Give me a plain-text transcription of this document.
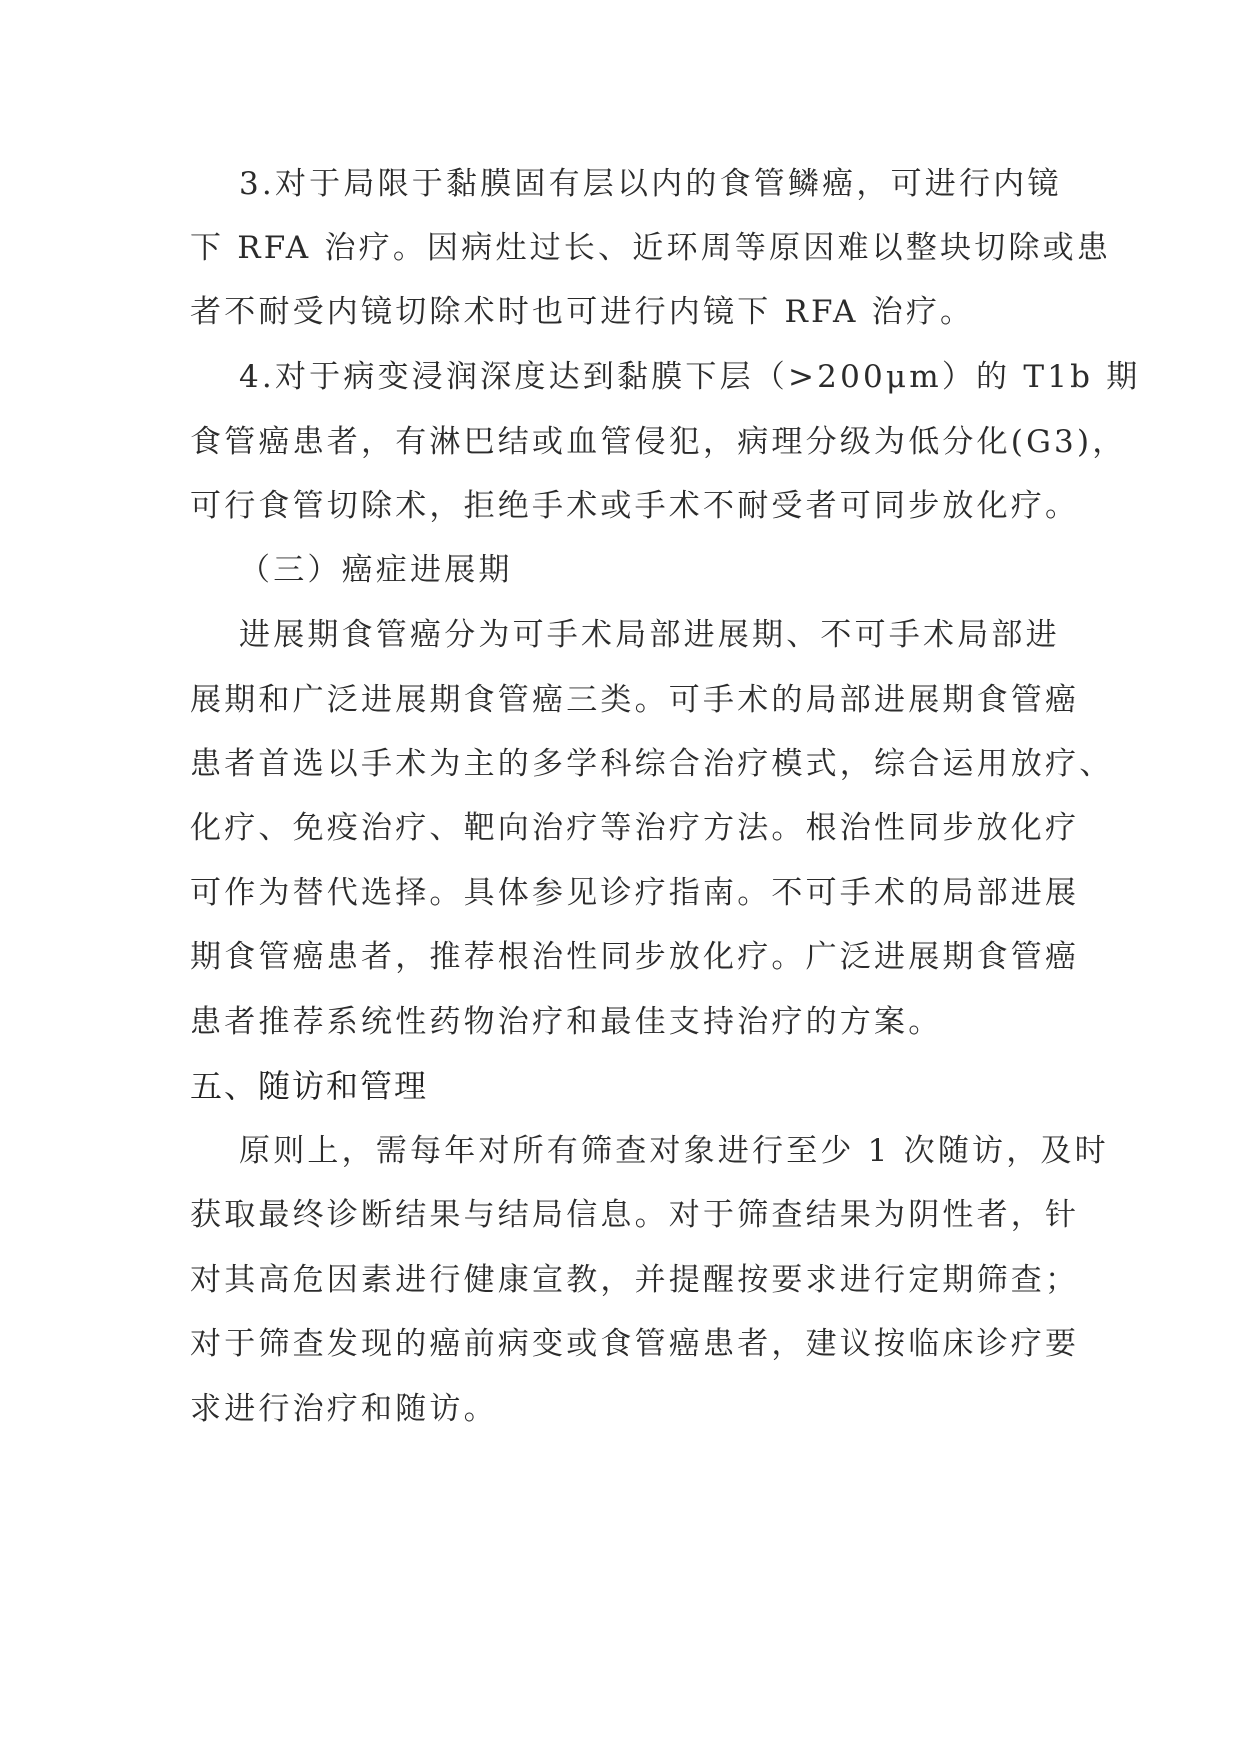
3.对于局限于黏膜固有层以内的食管鳞癌，可进行内镜
下 RFA 治疗。因病灶过长、近环周等原因难以整块切除或患
者不耐受内镜切除术时也可进行内镜下 RFA 治疗。
4.对于病变浸润深度达到黏膜下层（>200μm）的 T1b 期
食管癌患者，有淋巴结或血管侵犯，病理分级为低分化(G3)，
可行食管切除术，拒绝手术或手术不耐受者可同步放化疗。
（三）癌症进展期
进展期食管癌分为可手术局部进展期、不可手术局部进
展期和广泛进展期食管癌三类。可手术的局部进展期食管癌
患者首选以手术为主的多学科综合治疗模式，综合运用放疗、
化疗、免疫治疗、靶向治疗等治疗方法。根治性同步放化疗
可作为替代选择。具体参见诊疗指南。不可手术的局部进展
期食管癌患者，推荐根治性同步放化疗。广泛进展期食管癌
患者推荐系统性药物治疗和最佳支持治疗的方案。
五、随访和管理
原则上，需每年对所有筛查对象进行至少 1 次随访，及时
获取最终诊断结果与结局信息。对于筛查结果为阴性者，针
对其高危因素进行健康宣教，并提醒按要求进行定期筛查；
对于筛查发现的癌前病变或食管癌患者，建议按临床诊疗要
求进行治疗和随访。
